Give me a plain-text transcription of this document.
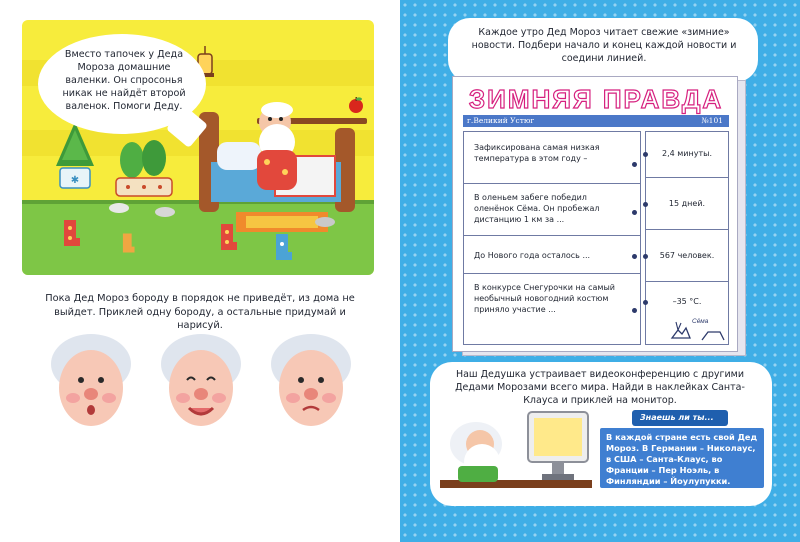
✱
Вместо тапочек у Деда Мороза домашние валенки. Он спросонья никак не найдёт второй валенок. Помоги Деду.
Пока Дед Мороз бороду в порядок не приведёт, из дома не выйдет. Приклей одну бороду, а остальные придумай и нарисуй.
Каждое утро Дед Мороз читает свежие «зимние» новости. Подбери начало и конец каждой новости и соедини линией.
ЗИМНЯЯ ПРАВДА
г.Великий Устюг	№101
Зафиксирована самая низкая температура в этом году –
В оленьем забеге победил оленёнок Сёма. Он пробежал дистанцию 1 км за ...
До Нового года осталось ...
В конкурсе Снегурочки на самый необычный новогодний костюм приняло участие ...
2,4 минуты.
15 дней.
567 человек.
–35 °С.
Сёма
Наш Дедушка устраивает видеоконференцию с другими Дедами Морозами всего мира. Найди в наклейках Санта-Клауса и приклей на монитор.
Знаешь ли ты...
В каждой стране есть свой Дед Мороз. В Германии – Николаус, в США – Санта-Клаус, во Франции – Пер Ноэль, в Финляндии – Йоулупукки.
